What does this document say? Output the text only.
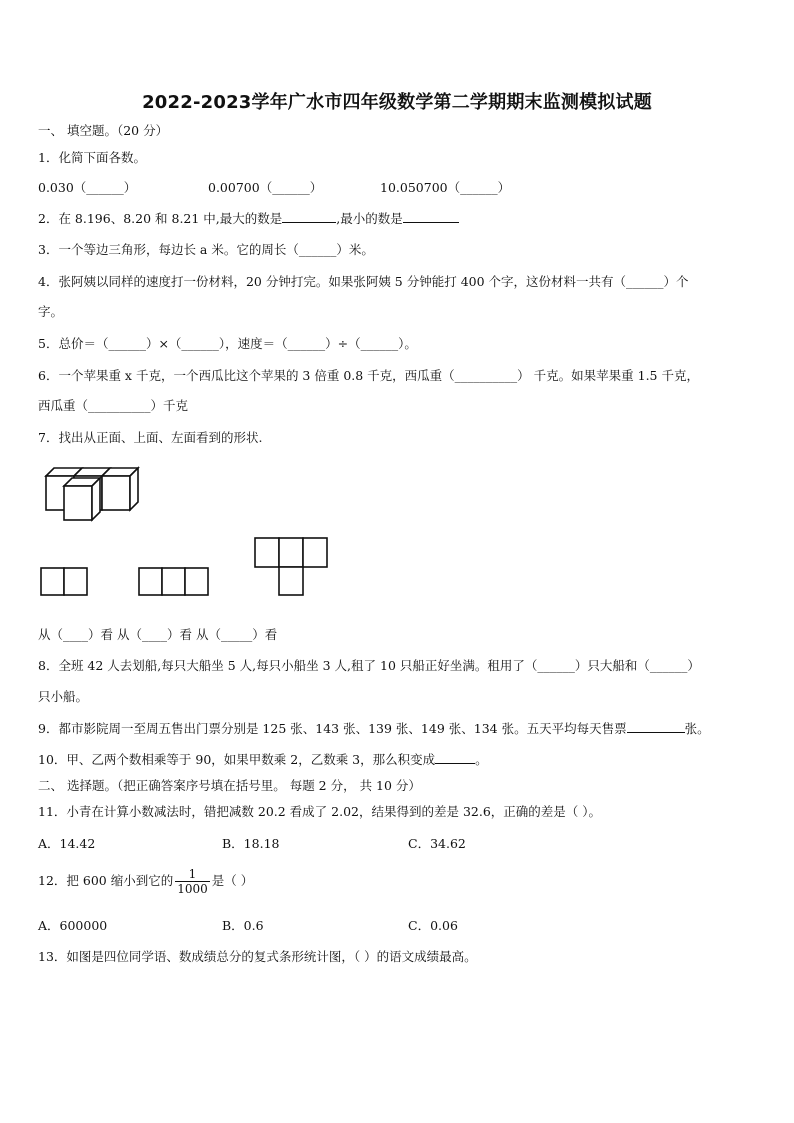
2022-2023学年广水市四年级数学第二学期期末监测模拟试题
一、 填空题。（20 分）
1．化简下面各数。
0.030（______）	0.00700（______）	10.050700（______）
2．在 8.196、8.20 和 8.21 中,最大的数是	,最小的数是
3．一个等边三角形，每边长 a 米。它的周长（______）米。
4．张阿姨以同样的速度打一份材料，20 分钟打完。如果张阿姨 5 分钟能打 400 个字，这份材料一共有（______）个
字。
5．总价＝（______）×（______），速度＝（______）÷（______）。
6．一个苹果重 x 千克，一个西瓜比这个苹果的 3 倍重 0.8 千克，西瓜重（__________） 千克。如果苹果重 1.5 千克，
西瓜重（__________）千克
7．找出从正面、上面、左面看到的形状.
从（____）看 从（____）看 从（_____）看
8．全班 42 人去划船,每只大船坐 5 人,每只小船坐 3 人,租了 10 只船正好坐满。租用了（______）只大船和（______）
只小船。
9．都市影院周一至周五售出门票分别是 125 张、143 张、139 张、149 张、134 张。五天平均每天售票	张。
10．甲、乙两个数相乘等于 90，如果甲数乘 2，乙数乘 3，那么积变成	。
二、 选择题。（把正确答案序号填在括号里。 每题 2 分， 共 10 分）
11．小青在计算小数减法时，错把减数 20.2 看成了 2.02，结果得到的差是 32.6，正确的差是（ ）。
A．14.42	B．18.18	C．34.62
12．把 600 缩小到它的 $\frac{1}{1000}$ 是（ ）
A．600000	B．0.6	C．0.06
13．如图是四位同学语、数成绩总分的复式条形统计图，（ ）的语文成绩最高。
